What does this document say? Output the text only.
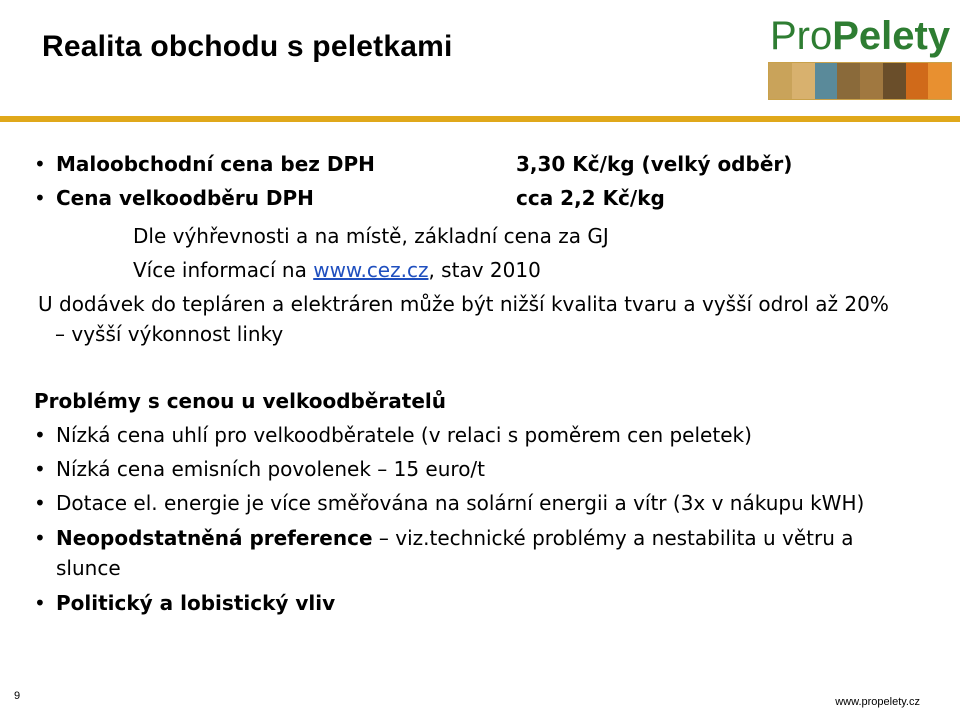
Realita obchodu s peletkami	ProPelety
• Maloobchodní cena bez DPH	3,30 Kč/kg (velký odběr)
• Cena velkoodběru DPH	cca 2,2 Kč/kg
Dle výhřevnosti a na místě, základní cena za GJ
Více informací na www.cez.cz, stav 2010
U dodávek do tepláren a elektráren může být nižší kvalita tvaru a vyšší odrol až 20%
– vyšší výkonnost linky
Problémy s cenou u velkoodběratelů
• Nízká cena uhlí pro velkoodběratele (v relaci s poměrem cen peletek)
• Nízká cena emisních povolenek – 15 euro/t
• Dotace el. energie je více směřována na solární energii a vítr (3x v nákupu kWH)
• Neopodstatněná preference – viz.technické problémy a nestabilita u větru a
slunce
• Politický a lobistický vliv
9	www.propelety.cz
